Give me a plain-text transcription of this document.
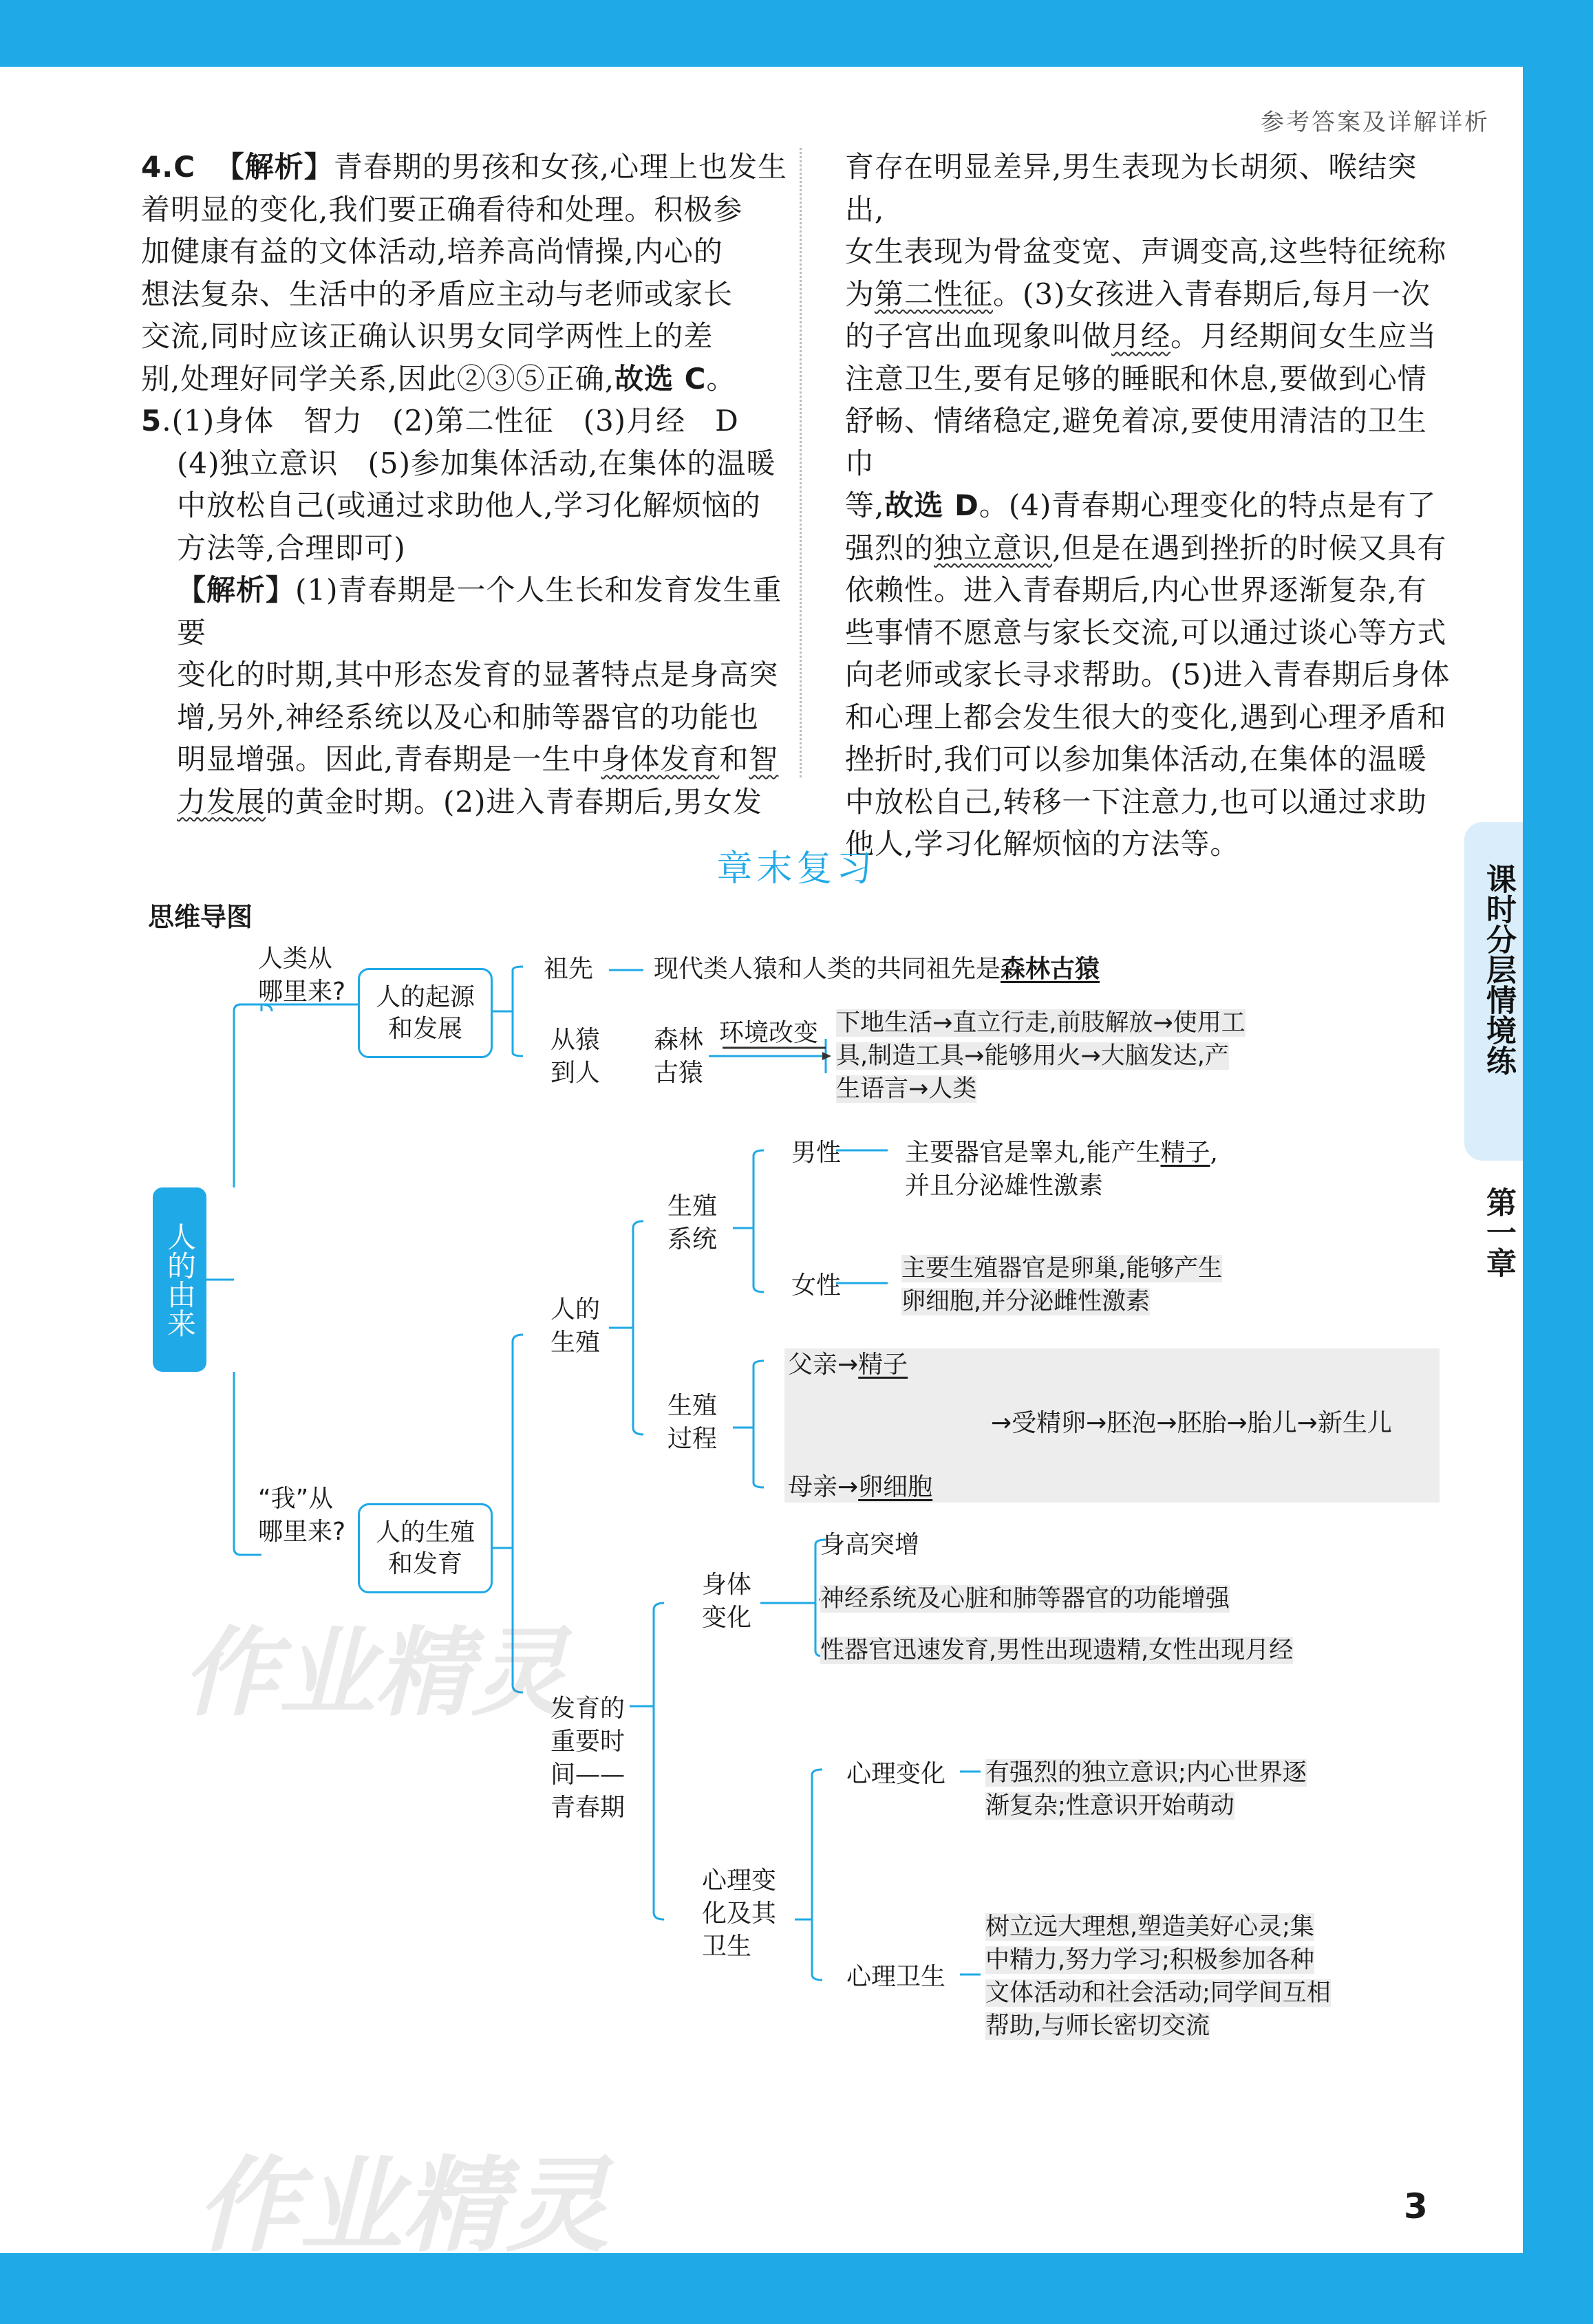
参考答案及详解详析
4.C 【解析】青春期的男孩和女孩,心理上也发生
着明显的变化,我们要正确看待和处理。积极参
加健康有益的文体活动,培养高尚情操,内心的
想法复杂、生活中的矛盾应主动与老师或家长
交流,同时应该正确认识男女同学两性上的差
别,处理好同学关系,因此②③⑤正确,故选 C。
5.(1)身体　智力　(2)第二性征　(3)月经　D

(4)独立意识　(5)参加集体活动,在集体的温暖
中放松自己(或通过求助他人,学习化解烦恼的
方法等,合理即可)
【解析】(1)青春期是一个人生长和发育发生重要
变化的时期,其中形态发育的显著特点是身高突
增,另外,神经系统以及心和肺等器官的功能也
明显增强。因此,青春期是一生中身体发育和智
力发展的黄金时期。(2)进入青春期后,男女发
育存在明显差异,男生表现为长胡须、喉结突出,
女生表现为骨盆变宽、声调变高,这些特征统称
为第二性征。(3)女孩进入青春期后,每月一次
的子宫出血现象叫做月经。月经期间女生应当
注意卫生,要有足够的睡眠和休息,要做到心情
舒畅、情绪稳定,避免着凉,要使用清洁的卫生巾
等,故选 D。(4)青春期心理变化的特点是有了
强烈的独立意识,但是在遇到挫折的时候又具有
依赖性。进入青春期后,内心世界逐渐复杂,有
些事情不愿意与家长交流,可以通过谈心等方式
向老师或家长寻求帮助。(5)进入青春期后身体
和心理上都会发生很大的变化,遇到心理矛盾和
挫折时,我们可以参加集体活动,在集体的温暖
中放松自己,转移一下注意力,也可以通过求助
他人,学习化解烦恼的方法等。
课时分层情境练
第一章
章末复习
思维导图
人的由来
人类从
哪里来? 人的起源
和发展
祖先 现代类人猿和人类的共同祖先是森林古猿
从猿
到人
森林
古猿
环境改变 下地生活→直立行走,前肢解放→使用工
具,制造工具→能够用火→大脑发达,产
生语言→人类
“我”从
哪里来? 人的生殖
和发育
人的
生殖
生殖
系统
男性	主要器官是睾丸,能产生精子,
并且分泌雄性激素
女性
主要生殖器官是卵巢,能够产生
卵细胞,并分泌雌性激素
生殖
过程
父亲→精子
母亲→卵细胞
→受精卵→胚泡→胚胎→胎儿→新生儿
发育的
重要时
间——
青春期
身体
变化
身高突增
神经系统及心脏和肺等器官的功能增强
性器官迅速发育,男性出现遗精,女性出现月经
心理变
化及其
卫生
心理变化 有强烈的独立意识;内心世界逐
渐复杂;性意识开始萌动
心理卫生
树立远大理想,塑造美好心灵;集
中精力,努力学习;积极参加各种
文体活动和社会活动;同学间互相
帮助,与师长密切交流
作业精灵
作业精灵	3
